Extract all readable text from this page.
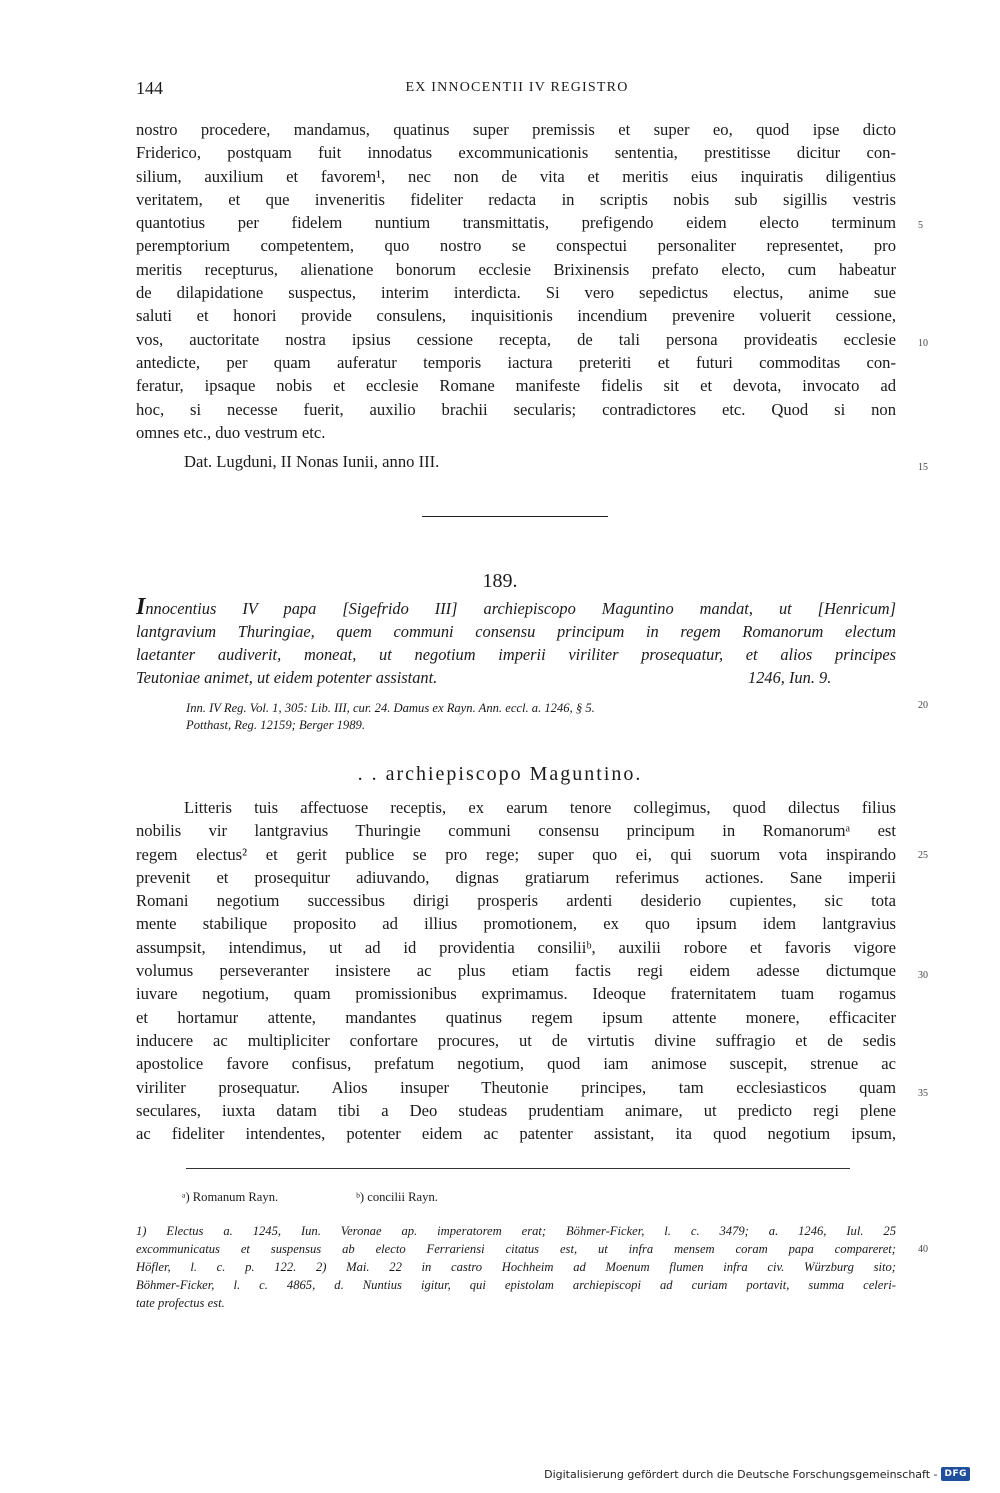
144	EX INNOCENTII IV REGISTRO
nostro procedere, mandamus, quatinus super premissis et super eo, quod ipse dicto
Friderico, postquam fuit innodatus excommunicationis sententia, prestitisse dicitur con-
silium, auxilium et favorem¹, nec non de vita et meritis eius inquiratis diligentius
veritatem, et que inveneritis fideliter redacta in scriptis nobis sub sigillis vestris
quantotius per fidelem nuntium transmittatis, prefigendo eidem electo terminum
peremptorium competentem, quo nostro se conspectui personaliter representet, pro
meritis recepturus, alienatione bonorum ecclesie Brixinensis prefato electo, cum habeatur
de dilapidatione suspectus, interim interdicta. Si vero sepedictus electus, anime sue
saluti et honori provide consulens, inquisitionis incendium prevenire voluerit cessione,
vos, auctoritate nostra ipsius cessione recepta, de tali persona provideatis ecclesie
antedicte, per quam auferatur temporis iactura preteriti et futuri commoditas con-
feratur, ipsaque nobis et ecclesie Romane manifeste fidelis sit et devota, invocato ad
hoc, si necesse fuerit, auxilio brachii secularis; contradictores etc. Quod si non
omnes etc., duo vestrum etc.
Dat. Lugduni, II Nonas Iunii, anno III.
5
10
15
20
25
30
35
40
189.
Innocentius IV papa [Sigefrido III] archiepiscopo Maguntino mandat, ut [Henricum]
lantgravium Thuringiae, quem communi consensu principum in regem Romanorum electum
laetanter audiverit, moneat, ut negotium imperii viriliter prosequatur, et alios principes
Teutoniae animet, ut eidem potenter assistant.	1246, Iun. 9.
Inn. IV Reg. Vol. 1, 305: Lib. III, cur. 24. Damus ex Rayn. Ann. eccl. a. 1246, § 5.
Potthast, Reg. 12159; Berger 1989.
. . archiepiscopo Maguntino.
Litteris tuis affectuose receptis, ex earum tenore collegimus, quod dilectus filius
nobilis vir lantgravius Thuringie communi consensu principum in Romanorumᵃ est
regem electus² et gerit publice se pro rege; super quo ei, qui suorum vota inspirando
prevenit et prosequitur adiuvando, dignas gratiarum referimus actiones. Sane imperii
Romani negotium successibus dirigi prosperis ardenti desiderio cupientes, sic tota
mente stabilique proposito ad illius promotionem, ex quo ipsum idem lantgravius
assumpsit, intendimus, ut ad id providentia consiliiᵇ, auxilii robore et favoris vigore
volumus perseveranter insistere ac plus etiam factis regi eidem adesse dictumque
iuvare negotium, quam promissionibus exprimamus. Ideoque fraternitatem tuam rogamus
et hortamur attente, mandantes quatinus regem ipsum attente monere, efficaciter
inducere ac multipliciter confortare procures, ut de virtutis divine suffragio et de sedis
apostolice favore confisus, prefatum negotium, quod iam animose suscepit, strenue ac
viriliter prosequatur. Alios insuper Theutonie principes, tam ecclesiasticos quam
seculares, iuxta datam tibi a Deo studeas prudentiam animare, ut predicto regi plene
ac fideliter intendentes, potenter eidem ac patenter assistant, ita quod negotium ipsum,
ᵃ) Romanum Rayn.	ᵇ) concilii Rayn.
1) Electus a. 1245, Iun. Veronae ap. imperatorem erat; Böhmer-Ficker, l. c. 3479; a. 1246, Iul. 25
excommunicatus et suspensus ab electo Ferrariensi citatus est, ut infra mensem coram papa compareret;
Höfler, l. c. p. 122. 2) Mai. 22 in castro Hochheim ad Moenum flumen infra civ. Würzburg sito;
Böhmer-Ficker, l. c. 4865, d. Nuntius igitur, qui epistolam archiepiscopi ad curiam portavit, summa celeri-
tate profectus est.
Digitalisierung gefördert durch die Deutsche Forschungsgemeinschaft - DFG
